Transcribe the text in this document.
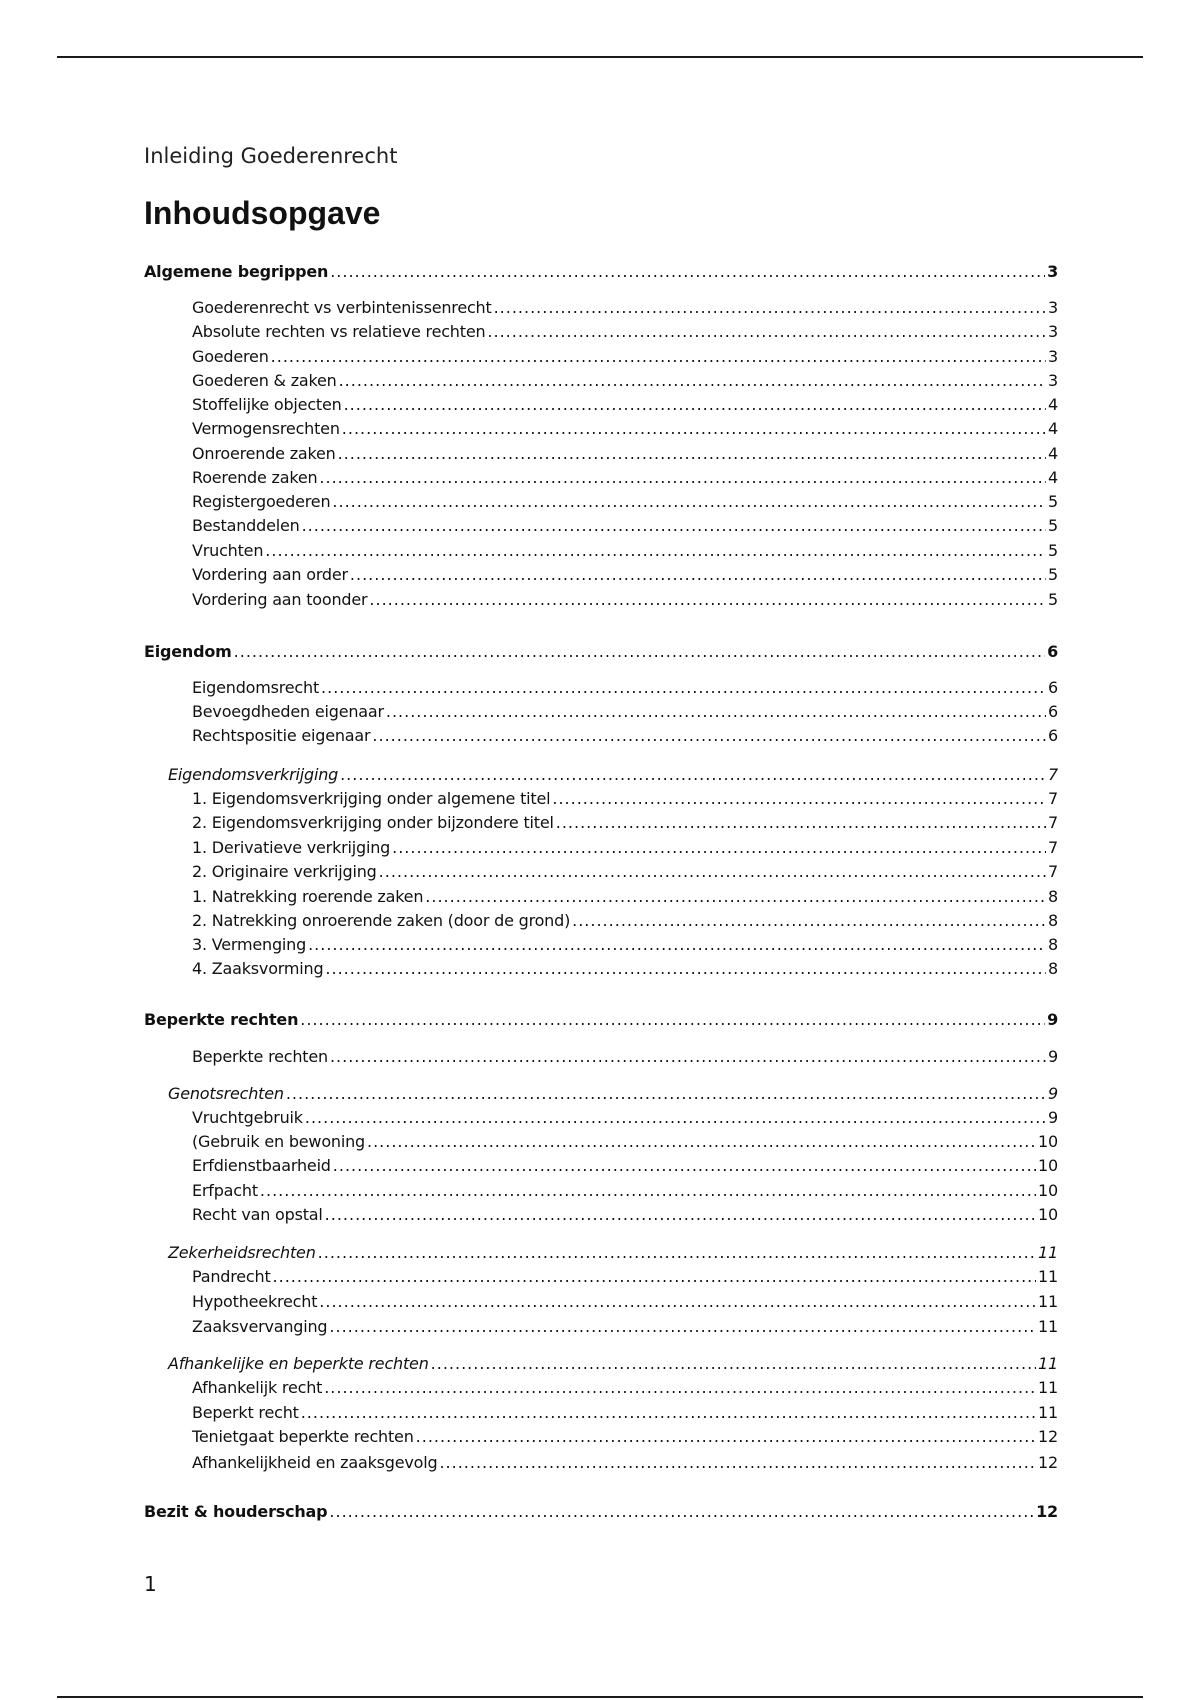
Inleiding Goederenrecht
Inhoudsopgave
Algemene begrippen .....	3
Goederenrecht vs verbintenissenrecht .....	3
Absolute rechten vs relatieve rechten .....	3
Goederen .....	3
Goederen & zaken .....	3
Stoffelijke objecten .....	4
Vermogensrechten .....	4
Onroerende zaken .....	4
Roerende zaken .....	4
Registergoederen .....	5
Bestanddelen .....	5
Vruchten .....	5
Vordering aan order .....	5
Vordering aan toonder .....	5
Eigendom .....	6
Eigendomsrecht .....	6
Bevoegdheden eigenaar .....	6
Rechtspositie eigenaar .....	6
Eigendomsverkrijging .....	7
1. Eigendomsverkrijging onder algemene titel .....	7
2. Eigendomsverkrijging onder bijzondere titel .....	7
1. Derivatieve verkrijging .....	7
2. Originaire verkrijging .....	7
1. Natrekking roerende zaken .....	8
2. Natrekking onroerende zaken (door de grond) .....	8
3. Vermenging .....	8
4. Zaaksvorming .....	8
Beperkte rechten .....	9
Beperkte rechten .....	9
Genotsrechten .....	9
Vruchtgebruik .....	9
(Gebruik en bewoning .....	10
Erfdienstbaarheid .....	10
Erfpacht .....	10
Recht van opstal .....	10
Zekerheidsrechten .....	11
Pandrecht .....	11
Hypotheekrecht .....	11
Zaaksvervanging .....	11
Afhankelijke en beperkte rechten .....	11
Afhankelijk recht .....	11
Beperkt recht .....	11
Tenietgaat beperkte rechten .....	12
Afhankelijkheid en zaaksgevolg .....	12
Bezit & houderschap .....	12
1
